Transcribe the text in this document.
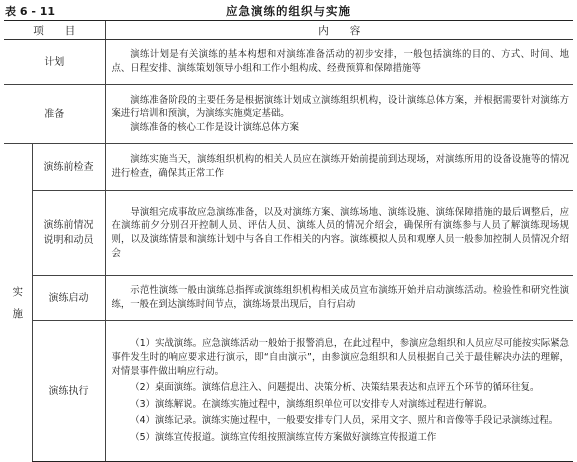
表 6 - 11	应急演练的组织与实施
项　　目		内　　容
计划		演练计划是有关演练的基本构想和对演练准备活动的初步安排，一般包括演练的目的、方式、时间、地点、日程安排、演练策划领导小组和工作小组构成、经费预算和保障措施等

准备		演练准备阶段的主要任务是根据演练计划成立演练组织机构，设计演练总体方案，并根据需要针对演练方案进行培训和预演，为演练实施奠定基础。

演练准备的核心工作是设计演练总体方案

实
施	演练前检查	演练实施当天，演练组织机构的相关人员应在演练开始前提前到达现场，对演练所用的设备设施等的情况进行检查，确保其正常工作

	演练前情况
说明和动员	导演组完成事故应急演练准备，以及对演练方案、演练场地、演练设施、演练保障措施的最后调整后，应在演练前夕分别召开控制人员、评估人员、演练人员的情况介绍会，确保所有演练参与人员了解演练现场规则，以及演练情景和演练计划中与各自工作相关的内容。演练模拟人员和观摩人员一般参加控制人员情况介绍会

	演练启动	示范性演练一般由演练总指挥或演练组织机构相关成员宣布演练开始并启动演练活动。检验性和研究性演练，一般在到达演练时间节点，演练场景出现后，自行启动

	演练执行	（1）实战演练。应急演练活动一般始于报警消息，在此过程中，参演应急组织和人员应尽可能按实际紧急事件发生时的响应要求进行演示，即“自由演示”，由参演应急组织和人员根据自己关于最佳解决办法的理解，对情景事件做出响应行动。

（2）桌面演练。演练信息注入、问题提出、决策分析、决策结果表达和点评五个环节的循环往复。

（3）演练解说。在演练实施过程中，演练组织单位可以安排专人对演练过程进行解说。

（4）演练记录。演练实施过程中，一般要安排专门人员，采用文字、照片和音像等手段记录演练过程。

（5）演练宣传报道。演练宣传组按照演练宣传方案做好演练宣传报道工作
